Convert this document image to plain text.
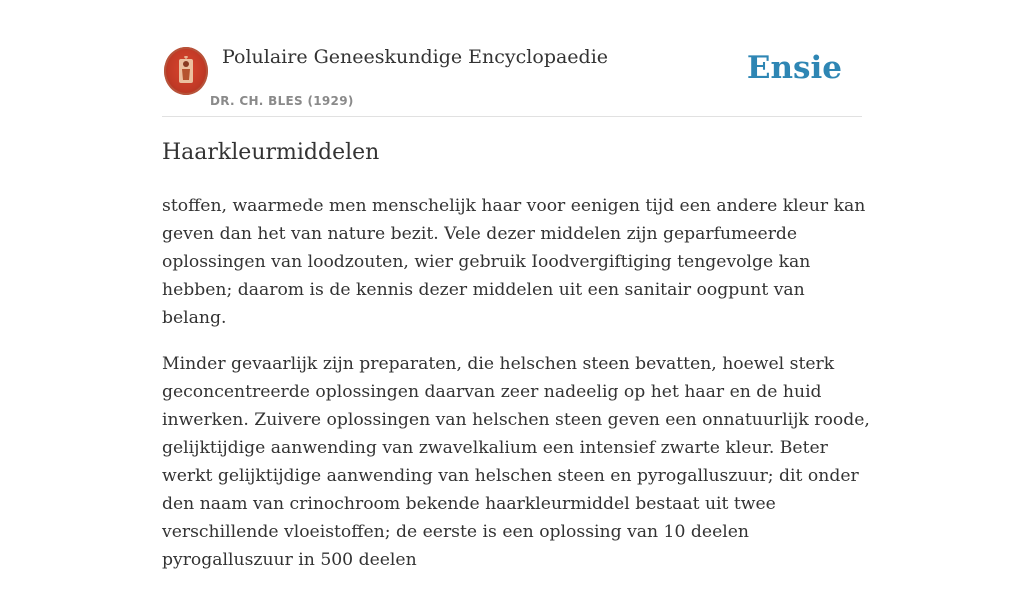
Polulaire Geneeskundige Encyclopaedie
DR. CH. BLES (1929)
Ensie
Haarkleurmiddelen

stoffen, waarmede men menschelijk haar voor eenigen tijd een andere kleur kan geven dan het van nature bezit. Vele dezer middelen zijn geparfumeerde oplossingen van loodzouten, wier gebruik Ioodvergiftiging tengevolge kan hebben; daarom is de kennis dezer middelen uit een sanitair oogpunt van belang.

Minder gevaarlijk zijn preparaten, die helschen steen bevatten, hoewel sterk geconcentreerde oplossingen daarvan zeer nadeelig op het haar en de huid inwerken. Zuivere oplossingen van helschen steen geven een onnatuurlijk roode, gelijktijdige aanwending van zwavelkalium een intensief zwarte kleur. Beter werkt gelijktijdige aanwending van helschen steen en pyrogalluszuur; dit onder den naam van crinochroom bekende haarkleurmiddel bestaat uit twee verschillende vloeistoffen; de eerste is een oplossing van 10 deelen pyrogalluszuur in 500 deelen
